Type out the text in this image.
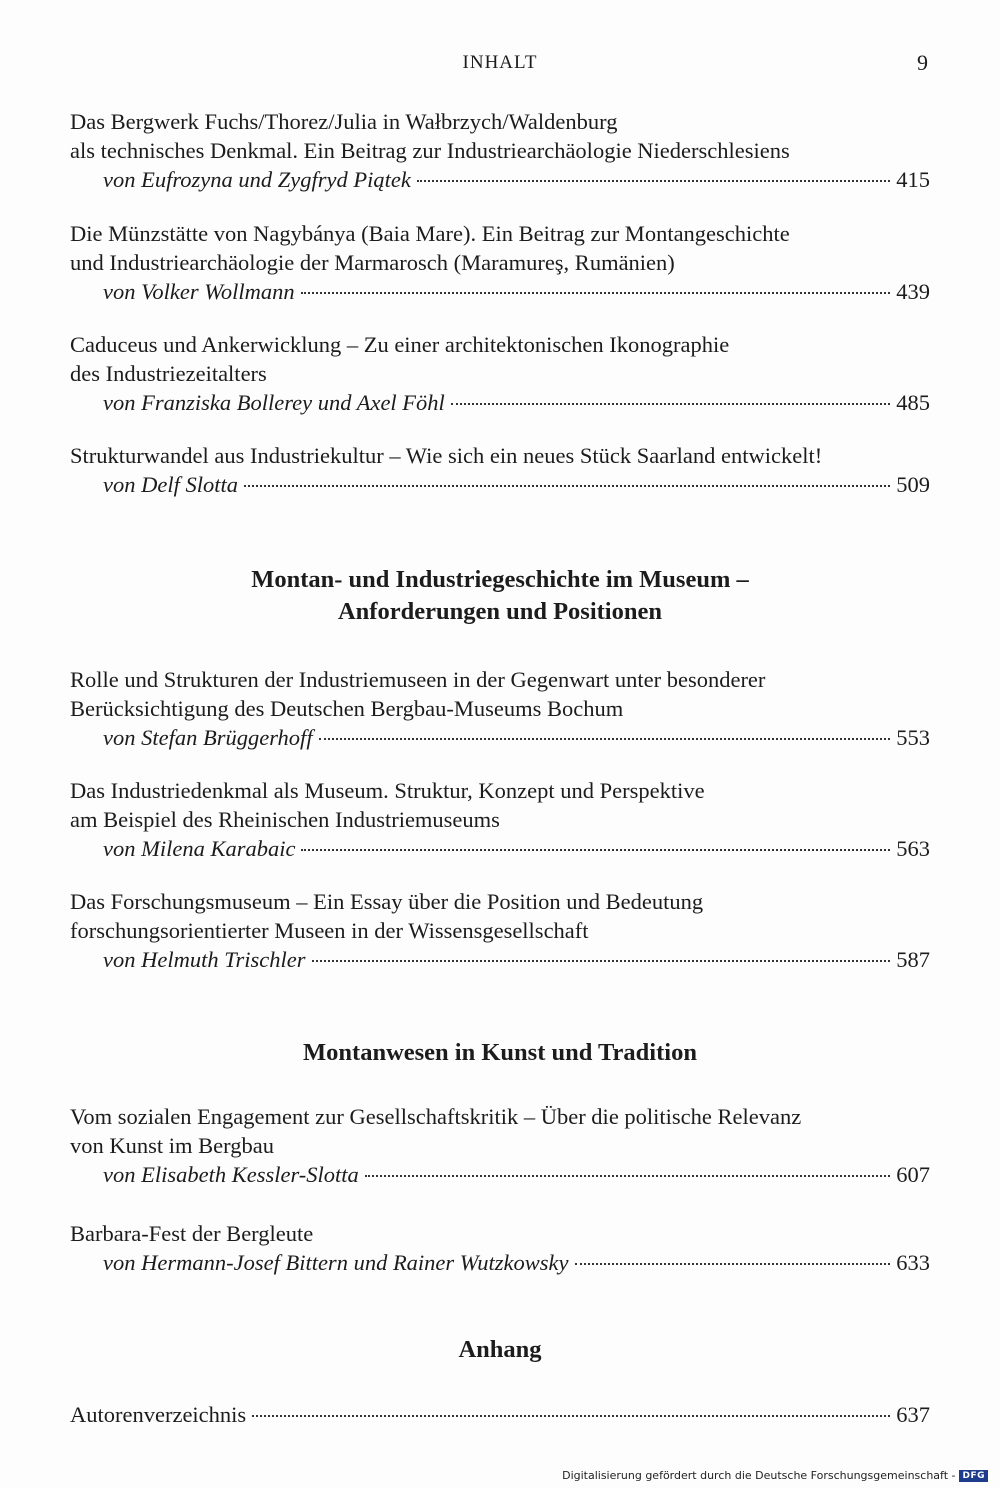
INHALT	9
Das Bergwerk Fuchs/Thorez/Julia in Wałbrzych/Waldenburg
als technisches Denkmal. Ein Beitrag zur Industriearchäologie Niederschlesiens
von Eufrozyna und Zygfryd Piątek	415
Die Münzstätte von Nagybánya (Baia Mare). Ein Beitrag zur Montangeschichte
und Industriearchäologie der Marmarosch (Maramureş, Rumänien)
von Volker Wollmann	439
Caduceus und Ankerwicklung – Zu einer architektonischen Ikonographie
des Industriezeitalters
von Franziska Bollerey und Axel Föhl	485
Strukturwandel aus Industriekultur – Wie sich ein neues Stück Saarland entwickelt!
von Delf Slotta	509
Montan- und Industriegeschichte im Museum –
Anforderungen und Positionen
Rolle und Strukturen der Industriemuseen in der Gegenwart unter besonderer
Berücksichtigung des Deutschen Bergbau-Museums Bochum
von Stefan Brüggerhoff	553
Das Industriedenkmal als Museum. Struktur, Konzept und Perspektive
am Beispiel des Rheinischen Industriemuseums
von Milena Karabaic	563
Das Forschungsmuseum – Ein Essay über die Position und Bedeutung
forschungsorientierter Museen in der Wissensgesellschaft
von Helmuth Trischler	587
Montanwesen in Kunst und Tradition
Vom sozialen Engagement zur Gesellschaftskritik – Über die politische Relevanz
von Kunst im Bergbau
von Elisabeth Kessler-Slotta	607
Barbara-Fest der Bergleute
von Hermann-Josef Bittern und Rainer Wutzkowsky	633
Anhang
Autorenverzeichnis	637
Digitalisierung gefördert durch die Deutsche Forschungsgemeinschaft - DFG
